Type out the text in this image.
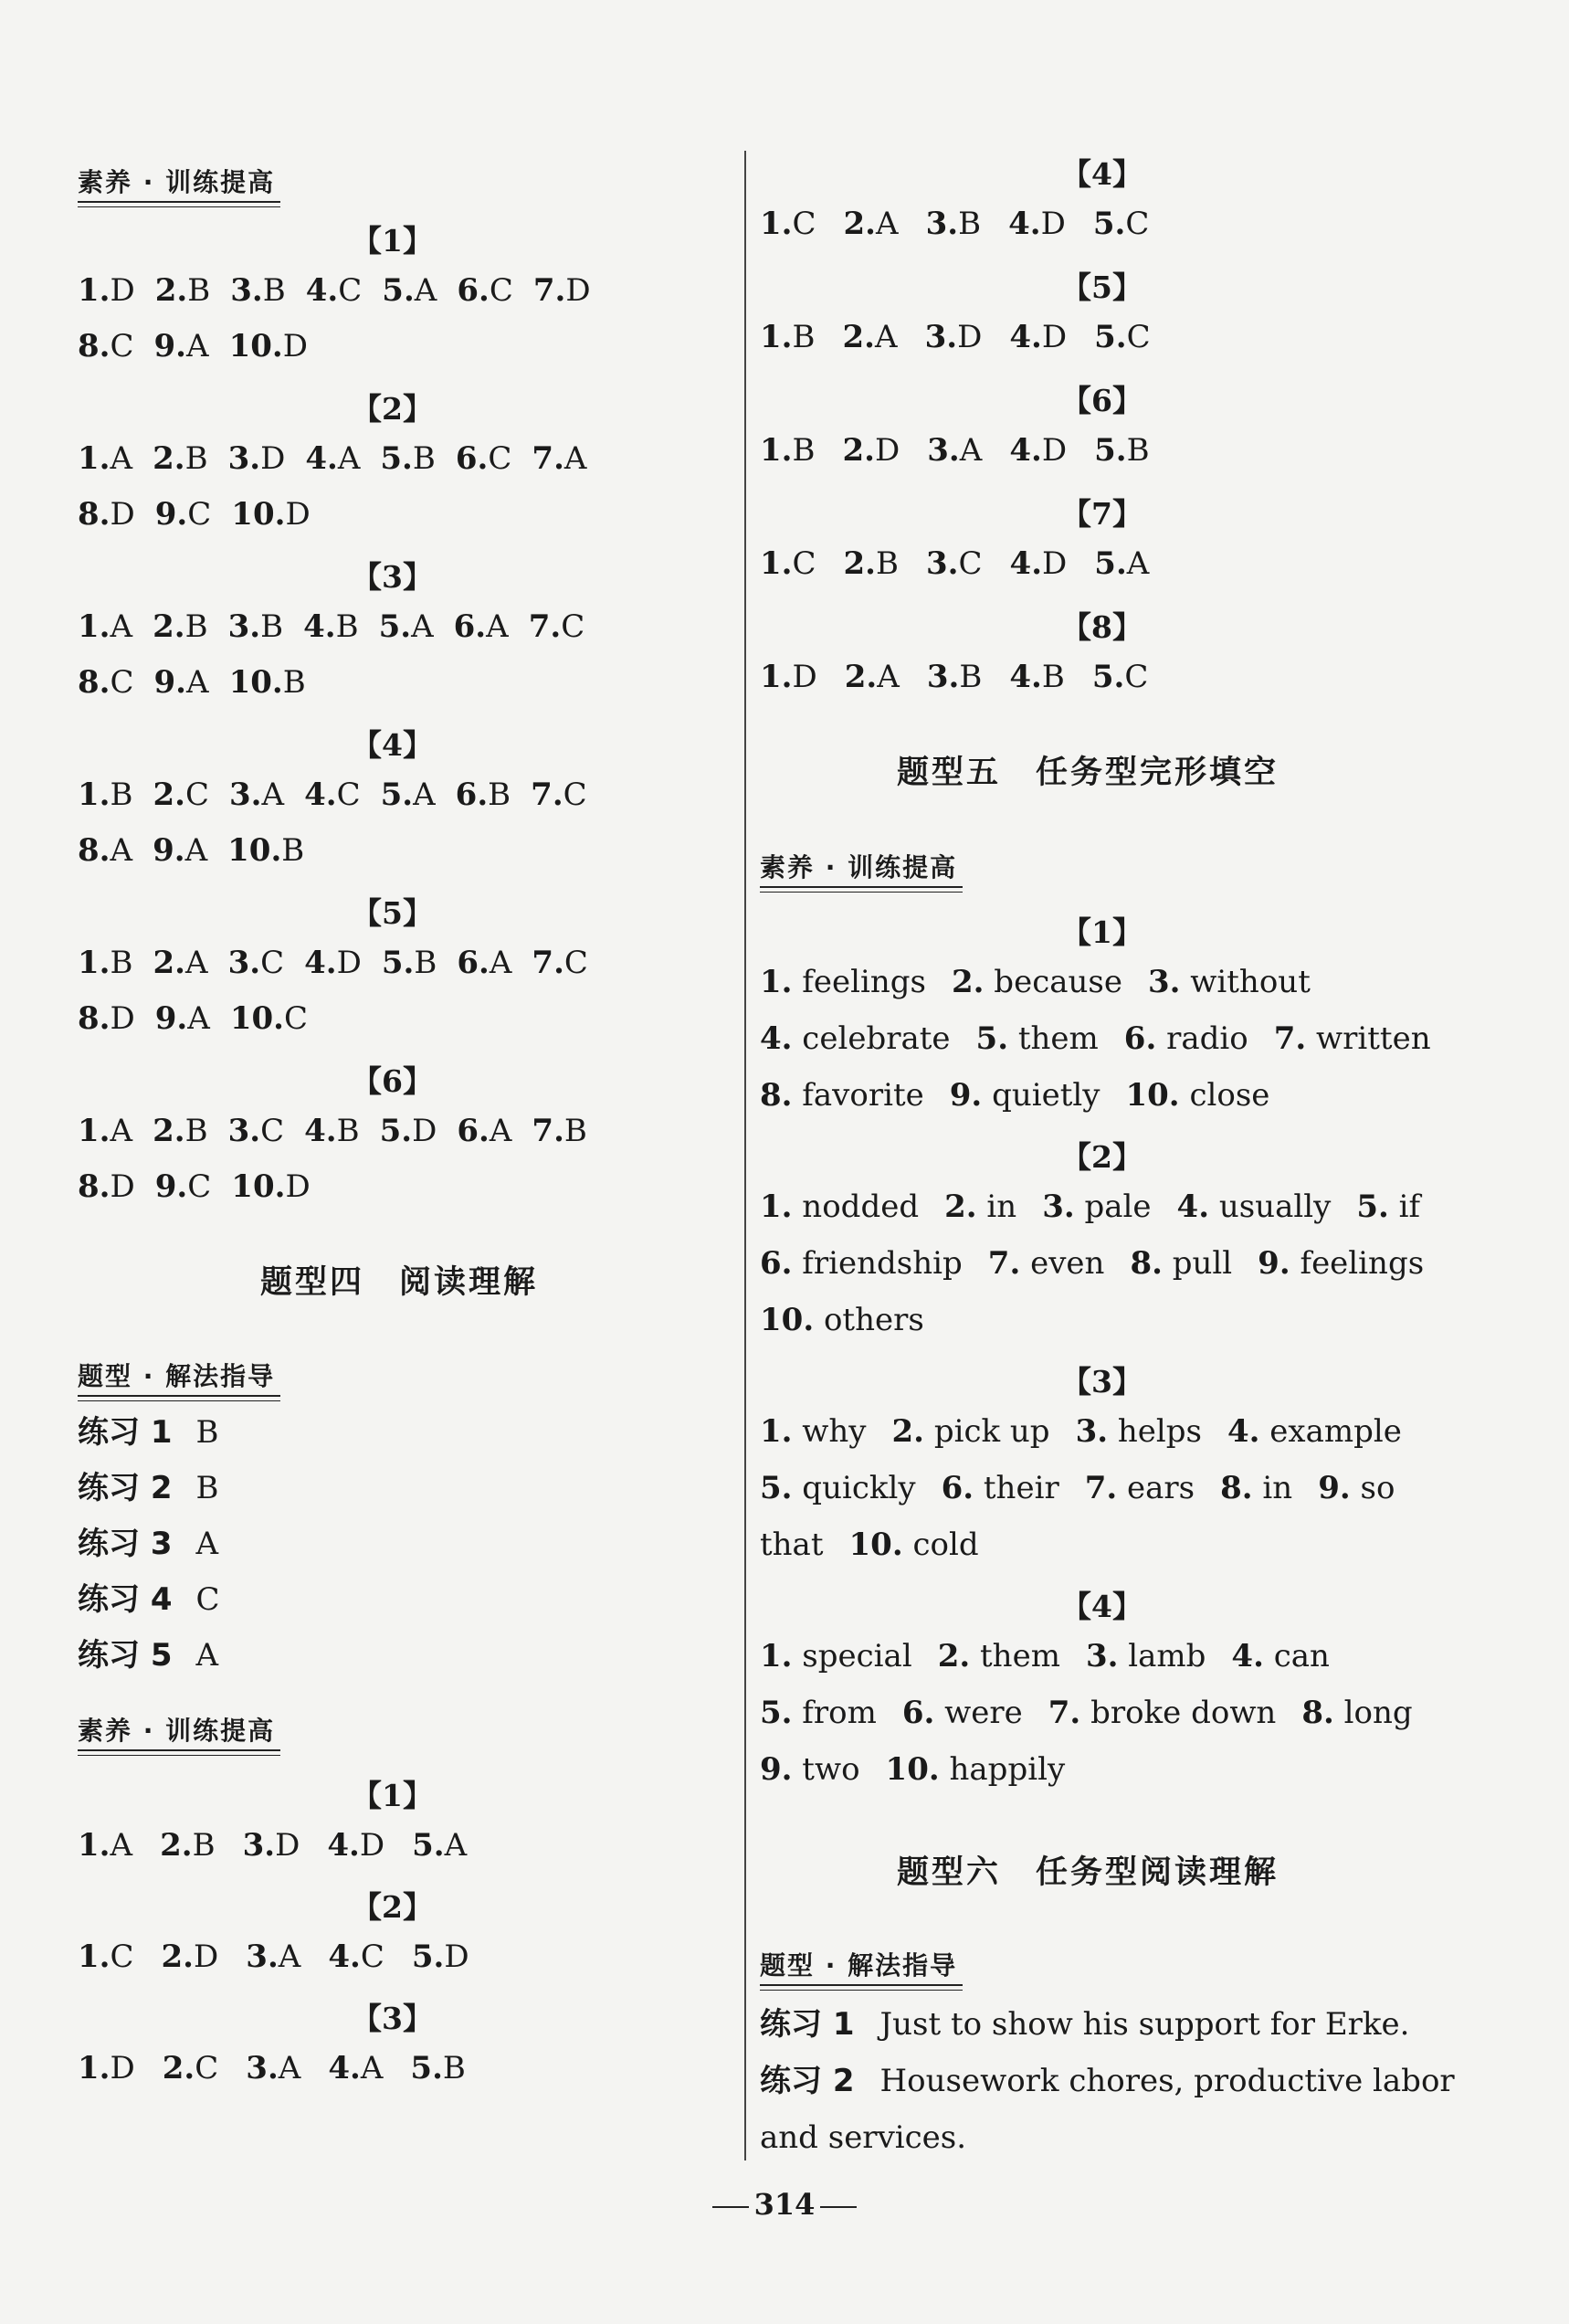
素养 · 训练提高
【1】
1.D 2.B 3.B 4.C 5.A 6.C 7.D
8.C 9.A 10.D
【2】
1.A 2.B 3.D 4.A 5.B 6.C 7.A
8.D 9.C 10.D
【3】
1.A 2.B 3.B 4.B 5.A 6.A 7.C
8.C 9.A 10.B
【4】
1.B 2.C 3.A 4.C 5.A 6.B 7.C
8.A 9.A 10.B
【5】
1.B 2.A 3.C 4.D 5.B 6.A 7.C
8.D 9.A 10.C
【6】
1.A 2.B 3.C 4.B 5.D 6.A 7.B
8.D 9.C 10.D
题型四　阅读理解
题型 · 解法指导
练习 1 B
练习 2 B
练习 3 A
练习 4 C
练习 5 A
素养 · 训练提高
【1】
1.A 2.B 3.D 4.D 5.A
【2】
1.C 2.D 3.A 4.C 5.D
【3】
1.D 2.C 3.A 4.A 5.B
【4】
1.C 2.A 3.B 4.D 5.C
【5】
1.B 2.A 3.D 4.D 5.C
【6】
1.B 2.D 3.A 4.D 5.B
【7】
1.C 2.B 3.C 4.D 5.A
【8】
1.D 2.A 3.B 4.B 5.C
题型五　任务型完形填空
素养 · 训练提高
【1】
1. feelings 2. because 3. without
4. celebrate 5. them 6. radio 7. written
8. favorite 9. quietly 10. close
【2】
1. nodded 2. in 3. pale 4. usually 5. if
6. friendship 7. even 8. pull 9. feelings
10. others
【3】
1. why 2. pick up 3. helps 4. example
5. quickly 6. their 7. ears 8. in 9. so
that 10. cold
【4】
1. special 2. them 3. lamb 4. can
5. from 6. were 7. broke down 8. long
9. two 10. happily
题型六　任务型阅读理解
题型 · 解法指导
练习 1 Just to show his support for Erke.
练习 2 Housework chores, productive labor
and services.
314
